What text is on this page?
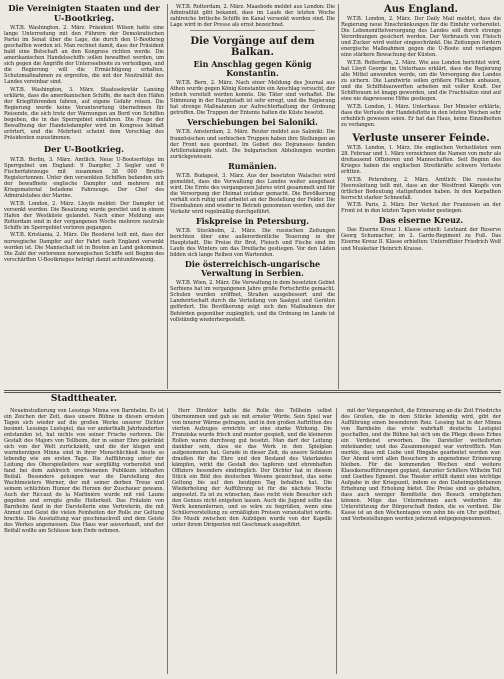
Die Vereinigten Staaten und der U-Bootkrieg.

W.T.B. Washington, 2. März. Präsident Wilson hatte eine lange Unterredung mit den Führern der Demokratischen Partei im Senat über die Lage, die durch den U-Bootkrieg geschaffen worden ist. Man rechnet damit, dass der Präsident bald eine Botschaft an den Kongress richten werde. Die amerikanischen Handelsschiffe sollen bewaffnet werden, um sich gegen die Angriffe der Unterseeboote zu verteidigen, und die Regierung will die Ermächtigung erhalten, Schutzmaßnahmen zu ergreifen, die mit der Neutralität des Landes vereinbar sind.

W.T.B. Washington, 3. März. Staatssekretär Lansing erklärte, dass die amerikanischen Schiffe, die nach den Häfen der Kriegführenden fahren, auf eigene Gefahr reisen. Die Regierung werde keine Verantwortung übernehmen für Reisende, die sich trotz der Warnungen an Bord von Schiffen begeben, die in das Sperrgebiet einfahren. Die Frage der Bewaffnung der Handelsdampfer wird im Kongress lebhaft erörtert, und die Mehrheit scheint dem Vorschlag des Präsidenten zuzustimmen.

Der U-Bootkrieg.

W.T.B. Berlin, 3. März. Amtlich. Neue U-Bootserfolge im Sperrgebiet um England: 9 Dampfer, 3 Segler und 6 Fischerfahrzeuge mit zusammen 38 000 Brutto-Registertonnen. Unter den versenkten Schiffen befanden sich der bewaffnete englische Dampfer und mehrere mit Kriegsmaterial beladene Fahrzeuge. Der Chef des Admiralstabes der Marine.

W.T.B. London, 2. März. Lloyds meldet: Der Dampfer ist versenkt worden. Die Besatzung wurde gerettet und in einem Hafen der Westküste gelandet. Nach einer Meldung aus Rotterdam sind in der vergangenen Woche mehrere neutrale Schiffe im Sperrgebiet verloren gegangen.

W.T.B. Kristiania, 2. März. Die Reederei teilt mit, dass der norwegische Dampfer auf der Fahrt nach England versenkt worden ist. Die Mannschaft ist in Booten an Land gekommen. Die Zahl der verlorenen norwegischen Schiffe seit Beginn des verschärften U-Bootkrieges beträgt damit achtundzwanzig.

W.T.B. Rotterdam, 2. März. Maasbode meldet aus London: Die Admiralität gibt bekannt, dass im Laufe der letzten Woche zahlreiche britische Schiffe im Kanal versenkt worden sind. Die Lage wird in der Presse als ernst bezeichnet.

Die Vorgänge auf dem Balkan.
Ein Anschlag gegen König Konstantin.

W.T.B. Bern, 2. März. Nach einer Meldung des Journal aus Athen wurde gegen König Konstantin ein Anschlag versucht, der jedoch vereitelt werden konnte. Die Täter sind verhaftet. Die Stimmung in der Hauptstadt ist sehr erregt, und die Regierung hat strenge Maßnahmen zur Aufrechterhaltung der Ordnung getroffen. Die Truppen der Entente halten die Küste besetzt.

Verschiebungen bei Saloniki.

W.T.B. Amsterdam, 2. März. Reuter meldet aus Saloniki: Die französischen und serbischen Truppen haben ihre Stellungen an der Front neu geordnet. Im Gebiet des Dojransees fanden Artilleriekämpfe statt. Die bulgarischen Abteilungen wurden zurückgewiesen.

Rumänien.

W.T.B. Budapest, 3. März. Aus der besetzten Walachei wird gemeldet, dass die Verwaltung des Landes weiter ausgebaut wird. Die Ernte des vergangenen Jahres wird gesammelt und für die Versorgung der Heimat nutzbar gemacht. Die Bevölkerung verhält sich ruhig und arbeitet an der Bestellung der Felder. Die Eisenbahnen sind wieder in Betrieb genommen worden, und der Verkehr wird regelmäßig durchgeführt.

Fiskpreise in Petersburg.

W.T.B. Stockholm, 2. März. Die russischen Zeitungen berichten über eine außerordentliche Teuerung in der Hauptstadt. Die Preise für Brot, Fleisch und Fische sind im Laufe des Winters um das Dreifache gestiegen. Vor den Läden bilden sich lange Reihen von Wartenden.

Die österreichisch-ungarische Verwaltung in Serbien.

W.T.B. Wien, 2. März. Die Verwaltung in dem besetzten Gebiet Serbiens hat im vergangenen Jahre große Fortschritte gemacht. Schulen wurden eröffnet, Straßen ausgebessert und die Landwirtschaft durch die Verteilung von Saatgut und Geräten gefördert. Die Bevölkerung zeigt sich den Maßnahmen der Behörden gegenüber zugänglich, und die Ordnung im Lande ist vollständig wiederhergestellt.

Aus England.

W.T.B. London, 2. März. Der Daily Mail meldet, dass die Regierung neue Einschränkungen für die Einfuhr vorbereitet. Die Lebensmittelversorgung des Landes soll durch strenge Verordnungen gesichert werden. Der Verbrauch von Fleisch und Zucker wird weiter eingeschränkt. Die Zeitungen fordern energische Maßnahmen gegen die U-Boote und verlangen eine stärkere Bewachung der Küsten.

W.T.B. Rotterdam, 2. März. Wie aus London berichtet wird, hat Lloyd George im Unterhaus erklärt, dass die Regierung alle Mittel anwenden werde, um die Versorgung des Landes zu sichern. Die Landwirte sollen größere Flächen anbauen, und die Schiffsbauwerften arbeiten mit voller Kraft. Der Schiffsraum ist knapp geworden, und die Frachtsätze sind auf eine nie dagewesene Höhe gestiegen.

W.T.B. London, 1. März. Unterhaus. Der Minister erklärte, dass die Verluste der Handelsflotte in den letzten Wochen sehr erheblich gewesen seien. Er bat das Haus, keine Einzelheiten zu verlangen.

Verluste unserer Feinde.

W.T.B. London, 1. März. Die englischen Verlustlisten vom 28. Februar und 1. März verzeichnen die Namen von mehr als dreitausend Offizieren und Mannschaften. Seit Beginn des Krieges haben die englischen Streitkräfte schwere Verluste erlitten.

W.T.B. Petersburg, 2. März. Amtlich: Die russische Heeresleitung teilt mit, dass an der Westfront Kämpfe von örtlicher Bedeutung stattgefunden haben. In den Karpathen herrscht starker Schneefall.

W.T.B. Paris, 2. März. Der Verlust der Franzosen an der Front ist in den letzten Tagen wieder gestiegen.

Das eiserne Kreuz.

Das Eiserne Kreuz I. Klasse erhielt: Leutnant der Reserve Georg Schumacher, im 2. Garde-Regiment zu Fuß. Das Eiserne Kreuz II. Klasse erhielten: Unteroffizier Friedrich Wolf und Musketier Heinrich Krause.

Stadttheater.

Neueinstudierung von Lessings Minna von Barnhelm. Es ist ein Zeichen der Zeit, dass unsere Bühne in diesen ernsten Tagen sich wieder auf die großen Werke unserer Dichter besinnt. Lessings Lustspiel, das vor anderthalb Jahrhunderten entstanden ist, hat nichts von seiner Frische verloren. Die Gestalt des Majors von Tellheim, der in seiner Ehre gekränkt sich von der Welt zurückzieht, und die der klugen und warmherzigen Minna sind in ihrer Menschlichkeit heute so lebendig wie am ersten Tage. Die Aufführung unter der Leitung des Oberspielleiters war sorgfältig vorbereitet und fand bei dem zahlreich erschienenen Publikum lebhaften Beifall. Besonders gelungen war die Darstellung des Wachtmeisters Werner, der mit seiner derben Treue und seinem schlichten Humor die Herzen der Zuschauer gewann. Auch der Riccaut de la Marlinière wurde mit viel Laune gegeben und erregte große Heiterkeit. Das Fräulein von Barnhelm fand in der Darstellerin eine Vertreterin, die mit Anmut und Geist die vielen Feinheiten der Rolle zur Geltung brachte. Die Ausstattung war geschmackvoll und dem Geiste des Werkes angemessen. Das Haus war ausverkauft, und der Beifall wollte am Schlusse kein Ende nehmen.

Herr Direktor hatte die Rolle des Tellheim selbst übernommen und gab sie mit ernster Würde. Sein Spiel war von innerer Wärme getragen, und in den großen Auftritten des vierten Aufzuges erreichte er eine starke Wirkung. Die Franziska wurde frisch und munter gespielt, und die kleineren Rollen waren durchweg gut besetzt. Man darf der Leitung dankbar sein, dass sie das Werk in den Spielplan aufgenommen hat. Gerade in dieser Zeit, da unsere Soldaten draußen für die Ehre und den Bestand des Vaterlandes kämpfen, wirkt die Gestalt des tapferen und ehrenhaften Offiziers besonders eindringlich. Der Dichter hat in diesem Stück ein Bild des deutschen Wesens gezeichnet, das seine Geltung bis auf den heutigen Tag behalten hat. Die Wiederholung der Aufführung ist für die nächste Woche angesetzt. Es ist zu wünschen, dass recht viele Besucher sich den Genuss nicht entgehen lassen. Auch die Jugend sollte das Werk kennenlernen, und es wäre zu begrüßen, wenn eine Schülervorstellung zu ermäßigten Preisen veranstaltet würde. Die Musik zwischen den Aufzügen wurde von der Kapelle unter ihrem Dirigenten mit Geschmack ausgeführt.

mit der Vergangenheit, die Erinnerung an die Zeit Friedrichs des Großen, die in dem Stücke lebendig wird, gibt der Aufführung einen besonderen Reiz. Lessing hat in der Minna von Barnhelm das erste wahrhaft deutsche Lustspiel geschaffen, und die Bühne hat sich um die Pflege dieses Erbes ein Verdienst erworben. Die Darsteller wetteiferten miteinander, und das Zusammenspiel war vortrefflich. Man merkte, dass mit Liebe und Hingabe gearbeitet worden war. Der Abend wird allen Besuchern in angenehmer Erinnerung bleiben. Für die kommenden Wochen sind weitere Klassikeraufführungen geplant, darunter Schillers Wilhelm Tell und Goethes Egmont. Das Theater erfüllt damit eine wichtige Aufgabe in der Kriegszeit, indem es den Daheimgebliebenen Erhebung und Erholung bietet. Die Preise sind so gehalten, dass auch weniger Bemittelte den Besuch ermöglichen können. Möge das Unternehmen auch weiterhin die Unterstützung der Bürgerschaft finden, die es verdient. Die Kasse ist an den Wochentagen von zehn bis ein Uhr geöffnet, und Vorbestellungen werden jederzeit entgegengenommen.
